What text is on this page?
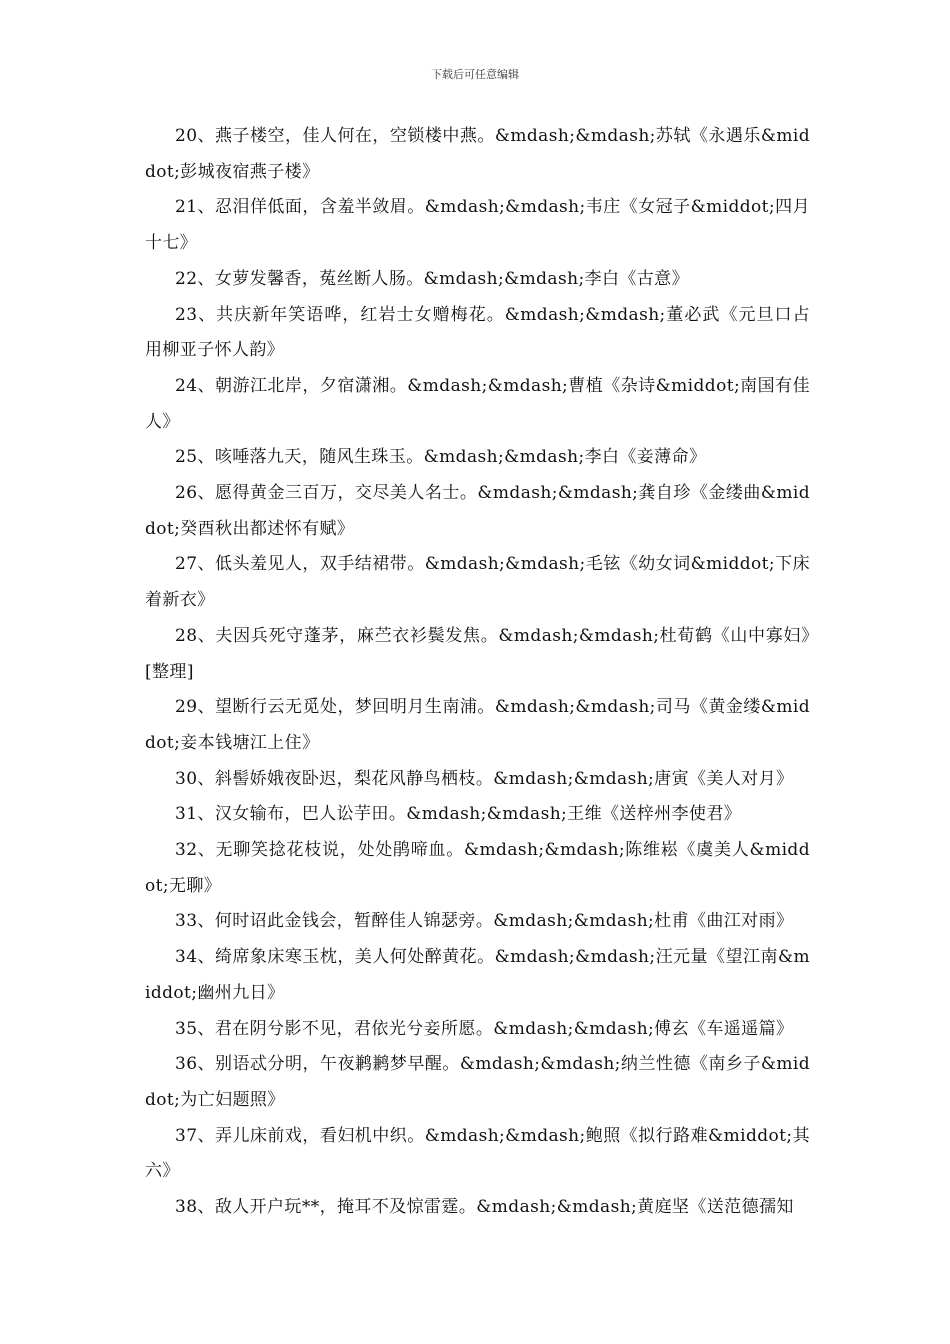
下载后可任意编辑

20、燕子楼空，佳人何在，空锁楼中燕。&mdash;&mdash;苏轼《永遇乐&middot;彭城夜宿燕子楼》

21、忍泪佯低面，含羞半敛眉。&mdash;&mdash;韦庄《女冠子&middot;四月十七》

22、女萝发馨香，菟丝断人肠。&mdash;&mdash;李白《古意》

23、共庆新年笑语哗，红岩士女赠梅花。&mdash;&mdash;董必武《元旦口占用柳亚子怀人韵》

24、朝游江北岸，夕宿潇湘。&mdash;&mdash;曹植《杂诗&middot;南国有佳人》

25、咳唾落九天，随风生珠玉。&mdash;&mdash;李白《妾薄命》

26、愿得黄金三百万，交尽美人名士。&mdash;&mdash;龚自珍《金缕曲&middot;癸酉秋出都述怀有赋》

27、低头羞见人，双手结裙带。&mdash;&mdash;毛铉《幼女词&middot;下床着新衣》

28、夫因兵死守蓬茅，麻苎衣衫鬓发焦。&mdash;&mdash;杜荀鹤《山中寡妇》[整理]

29、望断行云无觅处，梦回明月生南浦。&mdash;&mdash;司马《黄金缕&middot;妾本钱塘江上住》

30、斜髻娇娥夜卧迟，梨花风静鸟栖枝。&mdash;&mdash;唐寅《美人对月》

31、汉女输布，巴人讼芋田。&mdash;&mdash;王维《送梓州李使君》

32、无聊笑捻花枝说，处处鹃啼血。&mdash;&mdash;陈维崧《虞美人&middot;无聊》

33、何时诏此金钱会，暂醉佳人锦瑟旁。&mdash;&mdash;杜甫《曲江对雨》

34、绮席象床寒玉枕，美人何处醉黄花。&mdash;&mdash;汪元量《望江南&middot;幽州九日》

35、君在阴兮影不见，君依光兮妾所愿。&mdash;&mdash;傅玄《车遥遥篇》

36、别语忒分明，午夜鹣鹣梦早醒。&mdash;&mdash;纳兰性德《南乡子&middot;为亡妇题照》

37、弄儿床前戏，看妇机中织。&mdash;&mdash;鲍照《拟行路难&middot;其六》

38、敌人开户玩**，掩耳不及惊雷霆。&mdash;&mdash;黄庭坚《送范德孺知
